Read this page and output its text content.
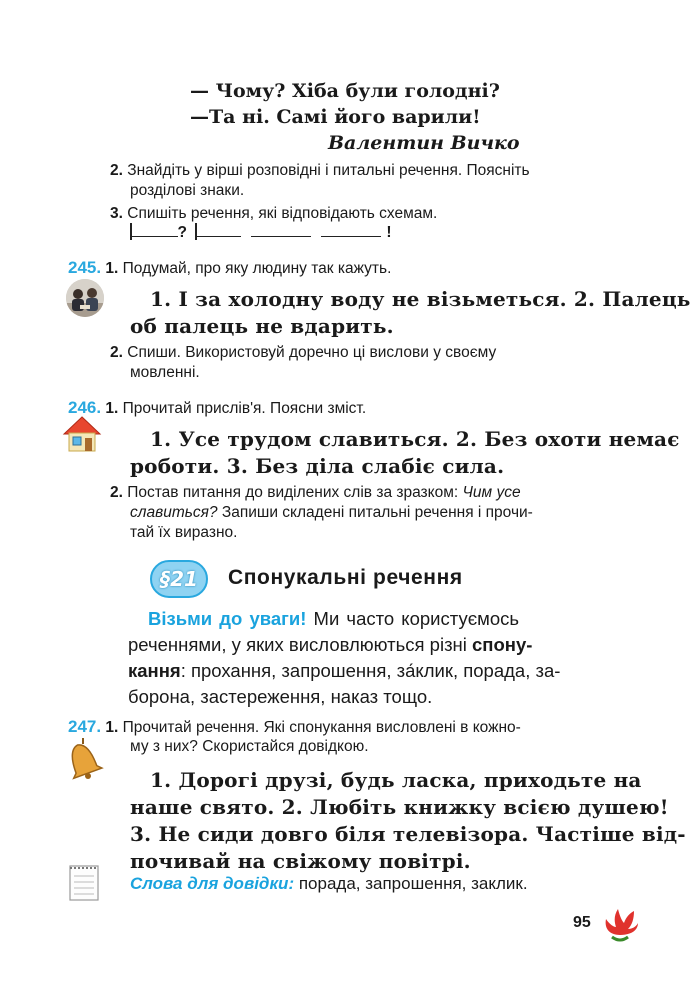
— Чому? Хіба були голодні?
—Та ні. Самі його варили!
Валентин Вичко
2. Знайдіть у вірші розповідні і питальні речення. Поясніть
розділові знаки.
3. Спишіть речення, які відповідають схемам.
?	!
245. 1. Подумай, про яку людину так кажуть.
1. І за холодну воду не візьметься. 2. Палець
об палець не вдарить.
2. Спиши. Використовуй доречно ці вислови у своєму
мовленні.
246. 1. Прочитай прислів'я. Поясни зміст.
1. Усе трудом славиться. 2. Без охоти немає
роботи. 3. Без діла слабіє сила.
2. Постав питання до виділених слів за зразком: Чим усе
славиться? Запиши складені питальні речення і прочи-
тай їх виразно.
§21	Спонукальні речення
Візьми до уваги! Ми часто користуємось
реченнями, у яких висловлюються різні спону-
кання: прохання, запрошення, за́клик, порада, за-
борона, застереження, наказ тощо.
247. 1. Прочитай речення. Які спонукання висловлені в кожно-
му з них? Скористайся довідкою.
1. Дорогі друзі, будь ласка, приходьте на
наше свято. 2. Любіть книжку всією душею!
3. Не сиди довго біля телевізора. Частіше від-
почивай на свіжому повітрі.
Слова для довідки: порада, запрошення, заклик.
95
